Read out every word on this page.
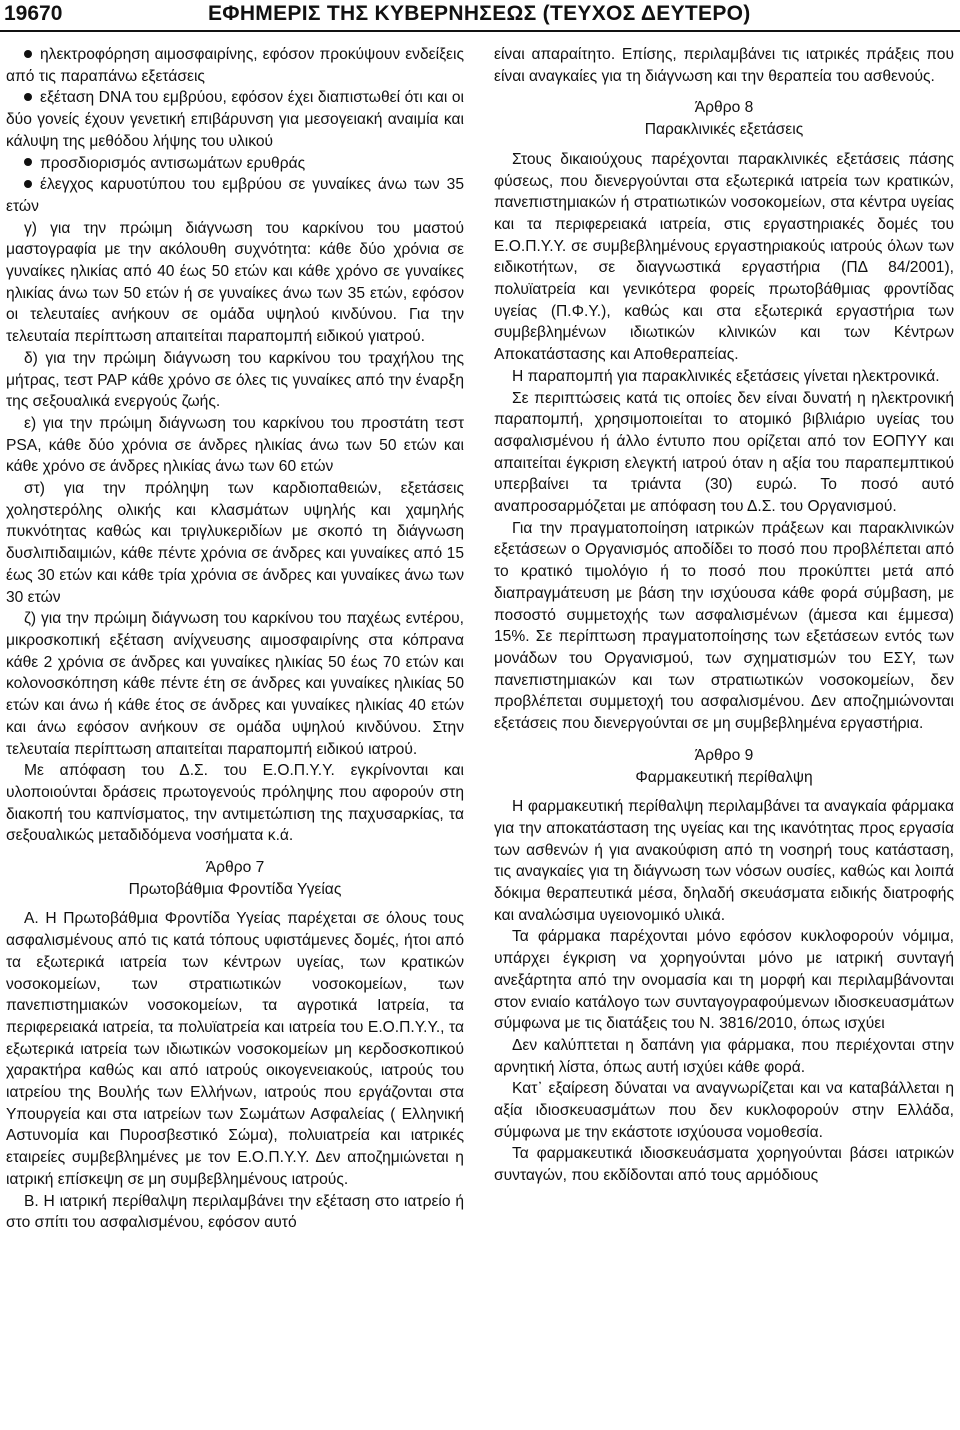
19670	ΕΦΗΜΕΡΙΣ ΤΗΣ ΚΥΒΕΡΝΗΣΕΩΣ (ΤΕΥΧΟΣ ΔΕΥΤΕΡΟ)

ηλεκτροφόρηση αιμοσφαιρίνης, εφόσον προκύψουν ενδείξεις από τις παραπάνω εξετάσεις

εξέταση DNA του εμβρύου, εφόσον έχει διαπιστωθεί ότι και οι δύο γονείς έχουν γενετική επιβάρυνση για μεσογειακή αναιμία και κάλυψη της μεθόδου λήψης του υλικού

προσδιορισμός αντισωμάτων ερυθράς

έλεγχος καρυοτύπου του εμβρύου σε γυναίκες άνω των 35 ετών

γ) για την πρώιμη διάγνωση του καρκίνου του μαστού μαστογραφία με την ακόλουθη συχνότητα: κάθε δύο χρόνια σε γυναίκες ηλικίας από 40 έως 50 ετών και κάθε χρόνο σε γυναίκες ηλικίας άνω των 50 ετών ή σε γυναίκες άνω των 35 ετών, εφόσον οι τελευταίες ανήκουν σε ομάδα υψηλού κινδύνου. Για την τελευταία περίπτωση απαιτείται παραπομπή ειδικού γιατρού.

δ) για την πρώιμη διάγνωση του καρκίνου του τραχήλου της μήτρας, τεστ PAP κάθε χρόνο σε όλες τις γυναίκες από την έναρξη της σεξουαλικά ενεργούς ζωής.

ε) για την πρώιμη διάγνωση του καρκίνου του προστάτη τεστ PSA, κάθε δύο χρόνια σε άνδρες ηλικίας άνω των 50 ετών και κάθε χρόνο σε άνδρες ηλικίας άνω των 60 ετών

στ) για την πρόληψη των καρδιοπαθειών, εξετάσεις χοληστερόλης ολικής και κλασμάτων υψηλής και χαμηλής πυκνότητας καθώς και τριγλυκεριδίων με σκοπό τη διάγνωση δυσλιπιδαιμιών, κάθε πέντε χρόνια σε άνδρες και γυναίκες από 15 έως 30 ετών και κάθε τρία χρόνια σε άνδρες και γυναίκες άνω των 30 ετών

ζ) για την πρώιμη διάγνωση του καρκίνου του παχέως εντέρου, μικροσκοπική εξέταση ανίχνευσης αιμοσφαιρίνης στα κόπρανα κάθε 2 χρόνια σε άνδρες και γυναίκες ηλικίας 50 έως 70 ετών και κολονοσκόπηση κάθε πέντε έτη σε άνδρες και γυναίκες ηλικίας 50 ετών και άνω ή κάθε έτος σε άνδρες και γυναίκες ηλικίας 40 ετών και άνω εφόσον ανήκουν σε ομάδα υψηλού κινδύνου. Στην τελευταία περίπτωση απαιτείται παραπομπή ειδικού ιατρού.

Με απόφαση του Δ.Σ. του Ε.Ο.Π.Υ.Υ. εγκρίνονται και υλοποιούνται δράσεις πρωτογενούς πρόληψης που αφορούν στη διακοπή του καπνίσματος, την αντιμετώπιση της παχυσαρκίας, τα σεξουαλικώς μεταδιδόμενα νοσήματα κ.ά.

Άρθρο 7

Πρωτοβάθμια Φροντίδα Υγείας

Α. Η Πρωτοβάθμια Φροντίδα Υγείας παρέχεται σε όλους τους ασφαλισμένους από τις κατά τόπους υφιστάμενες δομές, ήτοι από τα εξωτερικά ιατρεία των κέντρων υγείας, των κρατικών νοσοκομείων, των στρατιωτικών νοσοκομείων, των πανεπιστημιακών νοσοκομείων, τα αγροτικά Ιατρεία, τα περιφερειακά ιατρεία, τα πολυϊατρεία και ιατρεία του Ε.Ο.Π.Υ.Υ., τα εξωτερικά ιατρεία των ιδιωτικών νοσοκομείων μη κερδοσκοπικού χαρακτήρα καθώς και από ιατρούς οικογενειακούς, ιατρούς του ιατρείου της Βουλής των Ελλήνων, ιατρούς που εργάζονται στα Υπουργεία και στα ιατρείων των Σωμάτων Ασφαλείας ( Ελληνική Αστυνομία και Πυροσβεστικό Σώμα), πολυιατρεία και ιατρικές εταιρείες συμβεβλημένες με τον Ε.Ο.Π.Υ.Υ. Δεν αποζημιώνεται η ιατρική επίσκεψη σε μη συμβεβλημένους ιατρούς.

Β. Η ιατρική περίθαλψη περιλαμβάνει την εξέταση στο ιατρείο ή στο σπίτι του ασφαλισμένου, εφόσον αυτό

είναι απαραίτητο. Επίσης, περιλαμβάνει τις ιατρικές πράξεις που είναι αναγκαίες για τη διάγνωση και την θεραπεία του ασθενούς.

Άρθρο 8

Παρακλινικές εξετάσεις

Στους δικαιούχους παρέχονται παρακλινικές εξετάσεις πάσης φύσεως, που διενεργούνται στα εξωτερικά ιατρεία των κρατικών, πανεπιστημιακών ή στρατιωτικών νοσοκομείων, στα κέντρα υγείας και τα περιφερειακά ιατρεία, στις εργαστηριακές δομές του Ε.Ο.Π.Υ.Υ. σε συμβεβλημένους εργαστηριακούς ιατρούς όλων των ειδικοτήτων, σε διαγνωστικά εργαστήρια (ΠΔ 84/2001), πολυϊατρεία και γενικότερα φορείς πρωτοβάθμιας φροντίδας υγείας (Π.Φ.Υ.), καθώς και στα εξωτερικά εργαστήρια των συμβεβλημένων ιδιωτικών κλινικών και των Κέντρων Αποκατάστασης και Αποθεραπείας.

Η παραπομπή για παρακλινικές εξετάσεις γίνεται ηλεκτρονικά.

Σε περιπτώσεις κατά τις οποίες δεν είναι δυνατή η ηλεκτρονική παραπομπή, χρησιμοποιείται το ατομικό βιβλιάριο υγείας του ασφαλισμένου ή άλλο έντυπο που ορίζεται από τον ΕΟΠΥΥ και απαιτείται έγκριση ελεγκτή ιατρού όταν η αξία του παραπεμπτικού υπερβαίνει τα τριάντα (30) ευρώ. Το ποσό αυτό αναπροσαρμόζεται με απόφαση του Δ.Σ. του Οργανισμού.

Για την πραγματοποίηση ιατρικών πράξεων και παρακλινικών εξετάσεων ο Οργανισμός αποδίδει το ποσό που προβλέπεται από το κρατικό τιμολόγιο ή το ποσό που προκύπτει μετά από διαπραγμάτευση με βάση την ισχύουσα κάθε φορά σύμβαση, με ποσοστό συμμετοχής των ασφαλισμένων (άμεσα και έμμεσα) 15%. Σε περίπτωση πραγματοποίησης των εξετάσεων εντός των μονάδων του Οργανισμού, των σχηματισμών του ΕΣΥ, των πανεπιστημιακών και των στρατιωτικών νοσοκομείων, δεν προβλέπεται συμμετοχή του ασφαλισμένου. Δεν αποζημιώνονται εξετάσεις που διενεργούνται σε μη συμβεβλημένα εργαστήρια.

Άρθρο 9

Φαρμακευτική περίθαλψη

Η φαρμακευτική περίθαλψη περιλαμβάνει τα αναγκαία φάρμακα για την αποκατάσταση της υγείας και της ικανότητας προς εργασία των ασθενών ή για ανακούφιση από τη νοσηρή τους κατάσταση, τις αναγκαίες για τη διάγνωση των νόσων ουσίες, καθώς και λοιπά δόκιμα θεραπευτικά μέσα, δηλαδή σκευάσματα ειδικής διατροφής και αναλώσιμα υγειονομικό υλικά.

Τα φάρμακα παρέχονται μόνο εφόσον κυκλοφορούν νόμιμα, υπάρχει έγκριση να χορηγούνται μόνο με ιατρική συνταγή ανεξάρτητα από την ονομασία και τη μορφή και περιλαμβάνονται στον ενιαίο κατάλογο των συνταγογραφούμενων ιδιοσκευασμάτων σύμφωνα με τις διατάξεις του Ν. 3816/2010, όπως ισχύει

Δεν καλύπτεται η δαπάνη για φάρμακα, που περιέχονται στην αρνητική λίστα, όπως αυτή ισχύει κάθε φορά.

Κατ᾽ εξαίρεση δύναται να αναγνωρίζεται και να καταβάλλεται η αξία ιδιοσκευασμάτων που δεν κυκλοφορούν στην Ελλάδα, σύμφωνα με την εκάστοτε ισχύουσα νομοθεσία.

Τα φαρμακευτικά ιδιοσκευάσματα χορηγούνται βάσει ιατρικών συνταγών, που εκδίδονται από τους αρμόδιους
